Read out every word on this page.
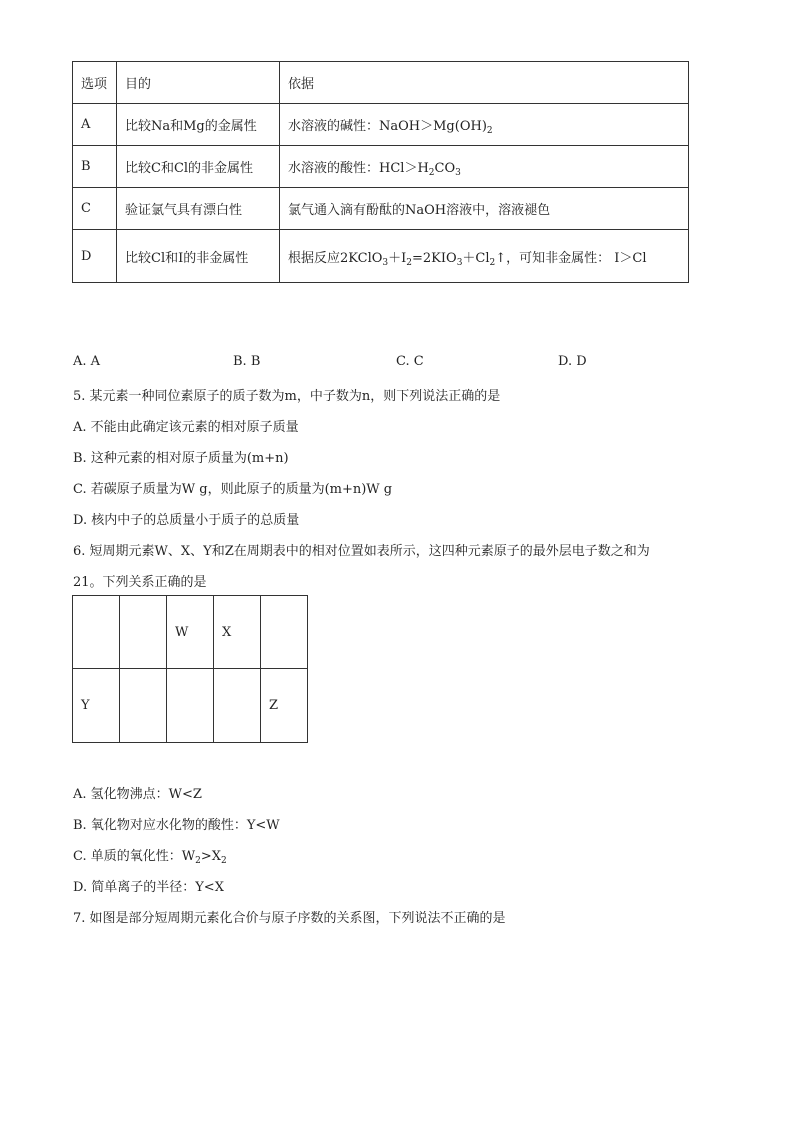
选项	目的	依据
A	比较Na和Mg的金属性	水溶液的碱性：$NaOH>Mg(OH)_2$
B	比较C和Cl的非金属性	水溶液的酸性：$HCl>H_2CO_3$
C	验证氯气具有漂白性	氯气通入滴有酚酞的NaOH溶液中，溶液褪色
D	比较Cl和I的非金属性	根据反应$2KClO_3+I_2=2KIO_3+Cl_2↑$，可知非金属性： I＞Cl
A. A	B. B	C. C	D. D
5. 某元素一种同位素原子的质子数为m，中子数为n，则下列说法正确的是
A. 不能由此确定该元素的相对原子质量
B. 这种元素的相对原子质量为(m+n)
C. 若碳原子质量为W g，则此原子的质量为(m+n)W g
D. 核内中子的总质量小于质子的总质量
6. 短周期元素W、X、Y和Z在周期表中的相对位置如表所示，这四种元素原子的最外层电子数之和为
21。下列关系正确的是
		W	X	
Y				Z
A. 氢化物沸点：W<Z
B. 氧化物对应水化物的酸性：Y<W
C. 单质的氧化性：$W_2>X_2$
D. 简单离子的半径：Y<X
7. 如图是部分短周期元素化合价与原子序数的关系图，下列说法不正确的是
